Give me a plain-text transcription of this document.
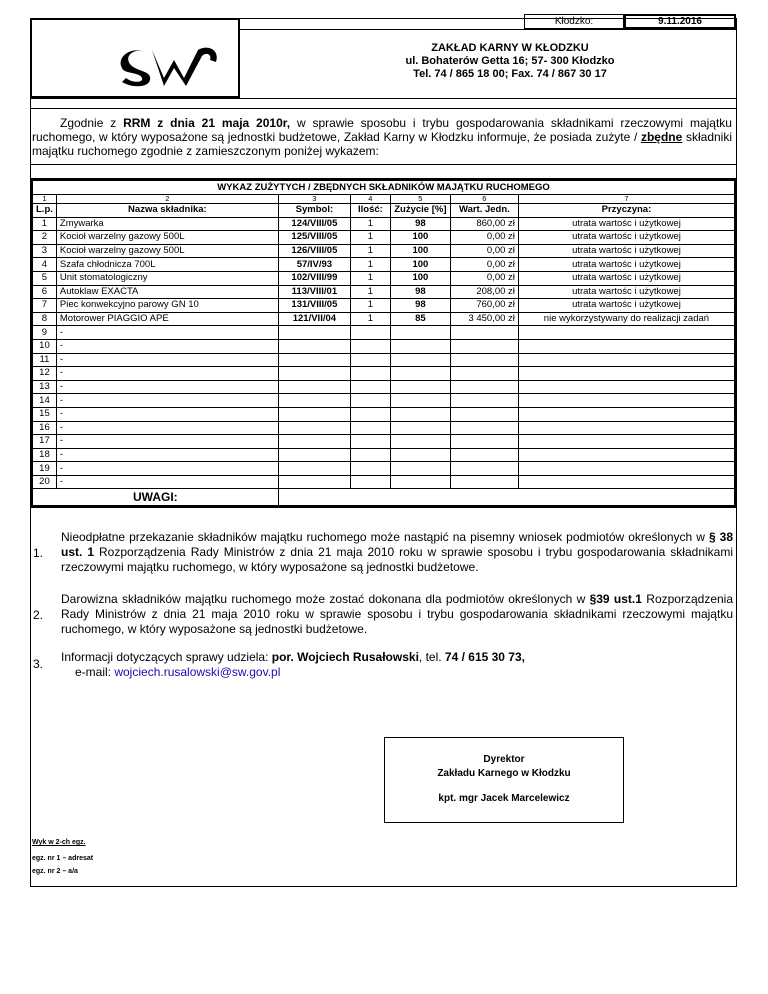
Kłodzko:	9.11.2016
ZAKŁAD KARNY W KŁODZKU
ul. Bohaterów Getta 16; 57- 300 Kłodzko
Tel. 74 / 865 18 00; Fax. 74 / 867 30 17
Zgodnie z RRM z dnia 21 maja 2010r, w sprawie sposobu i trybu gospodarowania składnikami rzeczowymi majątku ruchomego, w który wyposażone są jednostki budżetowe, Zakład Karny w Kłodzku informuje, że posiada zużyte / zbędne składniki majątku ruchomego zgodnie z zamieszczonym poniżej wykazem:
WYKAZ ZUŻYTYCH / ZBĘDNYCH SKŁADNIKÓW MAJĄTKU RUCHOMEGO						
1	2	3	4	5	6	7
L.p.	Nazwa składnika:	Symbol:	Ilość:	Zużycie [%]	Wart. Jedn.	Przyczyna:
1	Zmywarka	124/VIII/05	1	98	860,00 zł	utrata wartośc i użytkowej
2	Kocioł warzelny gazowy 500L	125/VIII/05	1	100	0,00 zł	utrata wartośc i użytkowej
3	Kocioł warzelny gazowy 500L	126/VIII/05	1	100	0,00 zł	utrata wartośc i użytkowej
4	Szafa chłodnicza 700L	57/IV/93	1	100	0,00 zł	utrata wartośc i użytkowej
5	Unit stomatologiczny	102/VIII/99	1	100	0,00 zł	utrata wartośc i użytkowej
6	Autoklaw EXACTA	113/VIII/01	1	98	208,00 zł	utrata wartośc i użytkowej
7	Piec konwekcyjno parowy GN 10	131/VIII/05	1	98	760,00 zł	utrata wartośc i użytkowej
8	Motorower PIAGGIO APE	121/VII/04	1	85	3 450,00 zł	nie wykorzystywany do realizacji zadań
9	-					
10	-					
11	-					
12	-					
13	-					
14	-					
15	-					
16	-					
17	-					
18	-					
19	-					
20	-					
UWAGI:						
1.
Nieodpłatne przekazanie składników majątku ruchomego może nastąpić na pisemny wniosek podmiotów określonych w § 38 ust. 1 Rozporządzenia Rady Ministrów z dnia 21 maja 2010 roku w sprawie sposobu i trybu gospodarowania składnikami rzeczowymi majątku ruchomego, w który wyposażone są jednostki budżetowe.
2.
Darowizna składników majątku ruchomego może zostać dokonana dla podmiotów określonych w §39 ust.1 Rozporządzenia Rady Ministrów z dnia 21 maja 2010 roku w sprawie sposobu i trybu gospodarowania składnikami rzeczowymi majątku ruchomego, w który wyposażone są jednostki budżetowe.
3.	Informacji dotyczących sprawy udziela: por. Wojciech Rusałowski, tel. 74 / 615 30 73,
e-mail: wojciech.rusalowski@sw.gov.pl
Dyrektor
Zakładu Karnego w Kłodzku
kpt. mgr Jacek Marcelewicz
Wyk w 2-ch egz.
egz. nr 1 – adresat
egz. nr 2 – a/a
